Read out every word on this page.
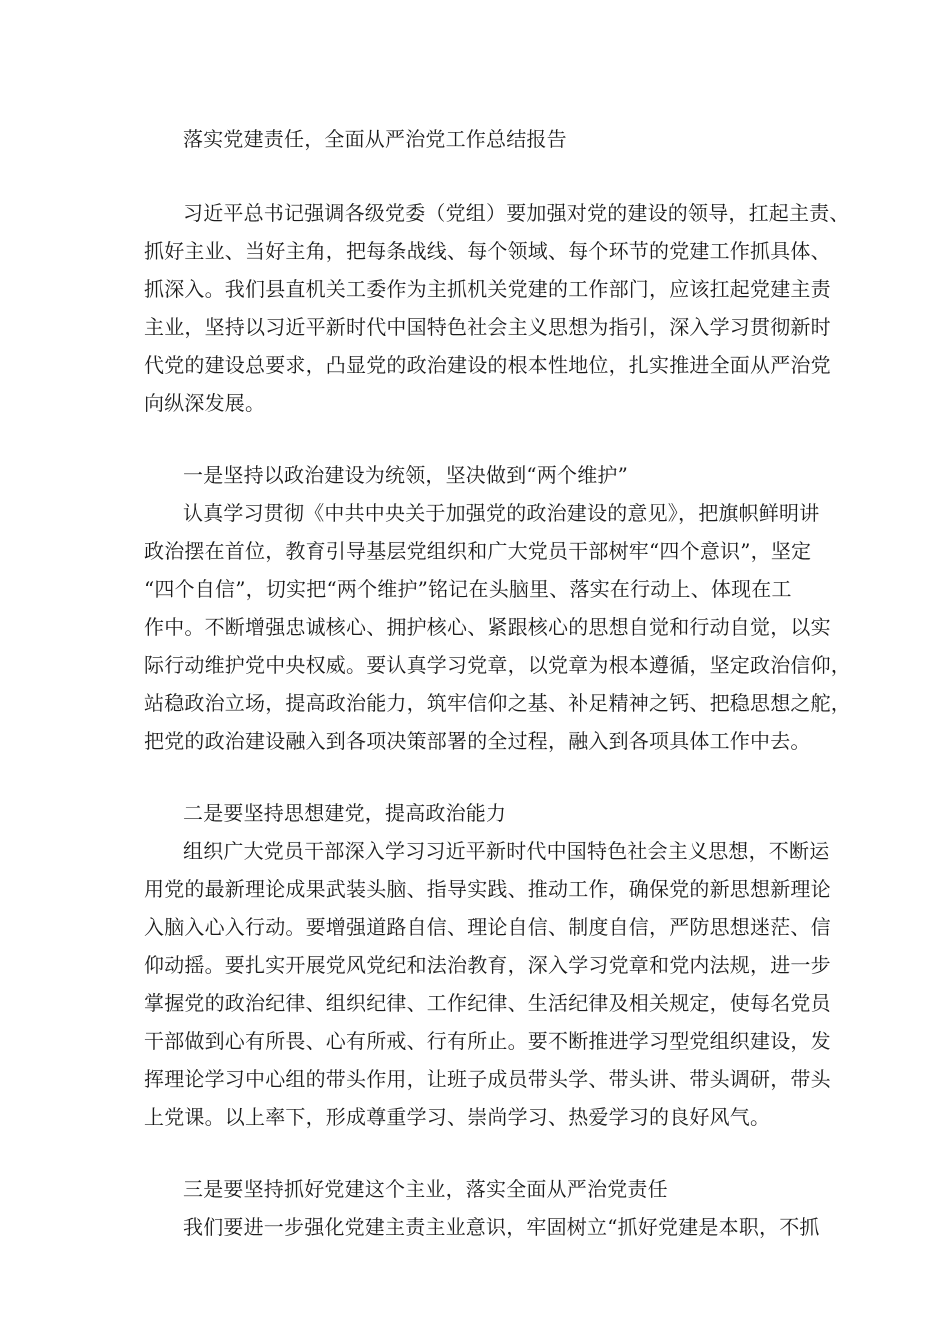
落实党建责任，全面从严治党工作总结报告
习近平总书记强调各级党委（党组）要加强对党的建设的领导，扛起主责、
抓好主业、当好主角，把每条战线、每个领域、每个环节的党建工作抓具体、
抓深入。我们县直机关工委作为主抓机关党建的工作部门，应该扛起党建主责
主业，坚持以习近平新时代中国特色社会主义思想为指引，深入学习贯彻新时
代党的建设总要求，凸显党的政治建设的根本性地位，扎实推进全面从严治党
向纵深发展。
一是坚持以政治建设为统领，坚决做到“两个维护”
认真学习贯彻《中共中央关于加强党的政治建设的意见》，把旗帜鲜明讲
政治摆在首位，教育引导基层党组织和广大党员干部树牢“四个意识”，坚定
“四个自信”，切实把“两个维护”铭记在头脑里、落实在行动上、体现在工
作中。不断增强忠诚核心、拥护核心、紧跟核心的思想自觉和行动自觉，以实
际行动维护党中央权威。要认真学习党章，以党章为根本遵循，坚定政治信仰，
站稳政治立场，提高政治能力，筑牢信仰之基、补足精神之钙、把稳思想之舵，
把党的政治建设融入到各项决策部署的全过程，融入到各项具体工作中去。
二是要坚持思想建党，提高政治能力
组织广大党员干部深入学习习近平新时代中国特色社会主义思想，不断运
用党的最新理论成果武装头脑、指导实践、推动工作，确保党的新思想新理论
入脑入心入行动。要增强道路自信、理论自信、制度自信，严防思想迷茫、信
仰动摇。要扎实开展党风党纪和法治教育，深入学习党章和党内法规，进一步
掌握党的政治纪律、组织纪律、工作纪律、生活纪律及相关规定，使每名党员
干部做到心有所畏、心有所戒、行有所止。要不断推进学习型党组织建设，发
挥理论学习中心组的带头作用，让班子成员带头学、带头讲、带头调研，带头
上党课。以上率下，形成尊重学习、崇尚学习、热爱学习的良好风气。
三是要坚持抓好党建这个主业，落实全面从严治党责任
我们要进一步强化党建主责主业意识，牢固树立“抓好党建是本职，不抓
